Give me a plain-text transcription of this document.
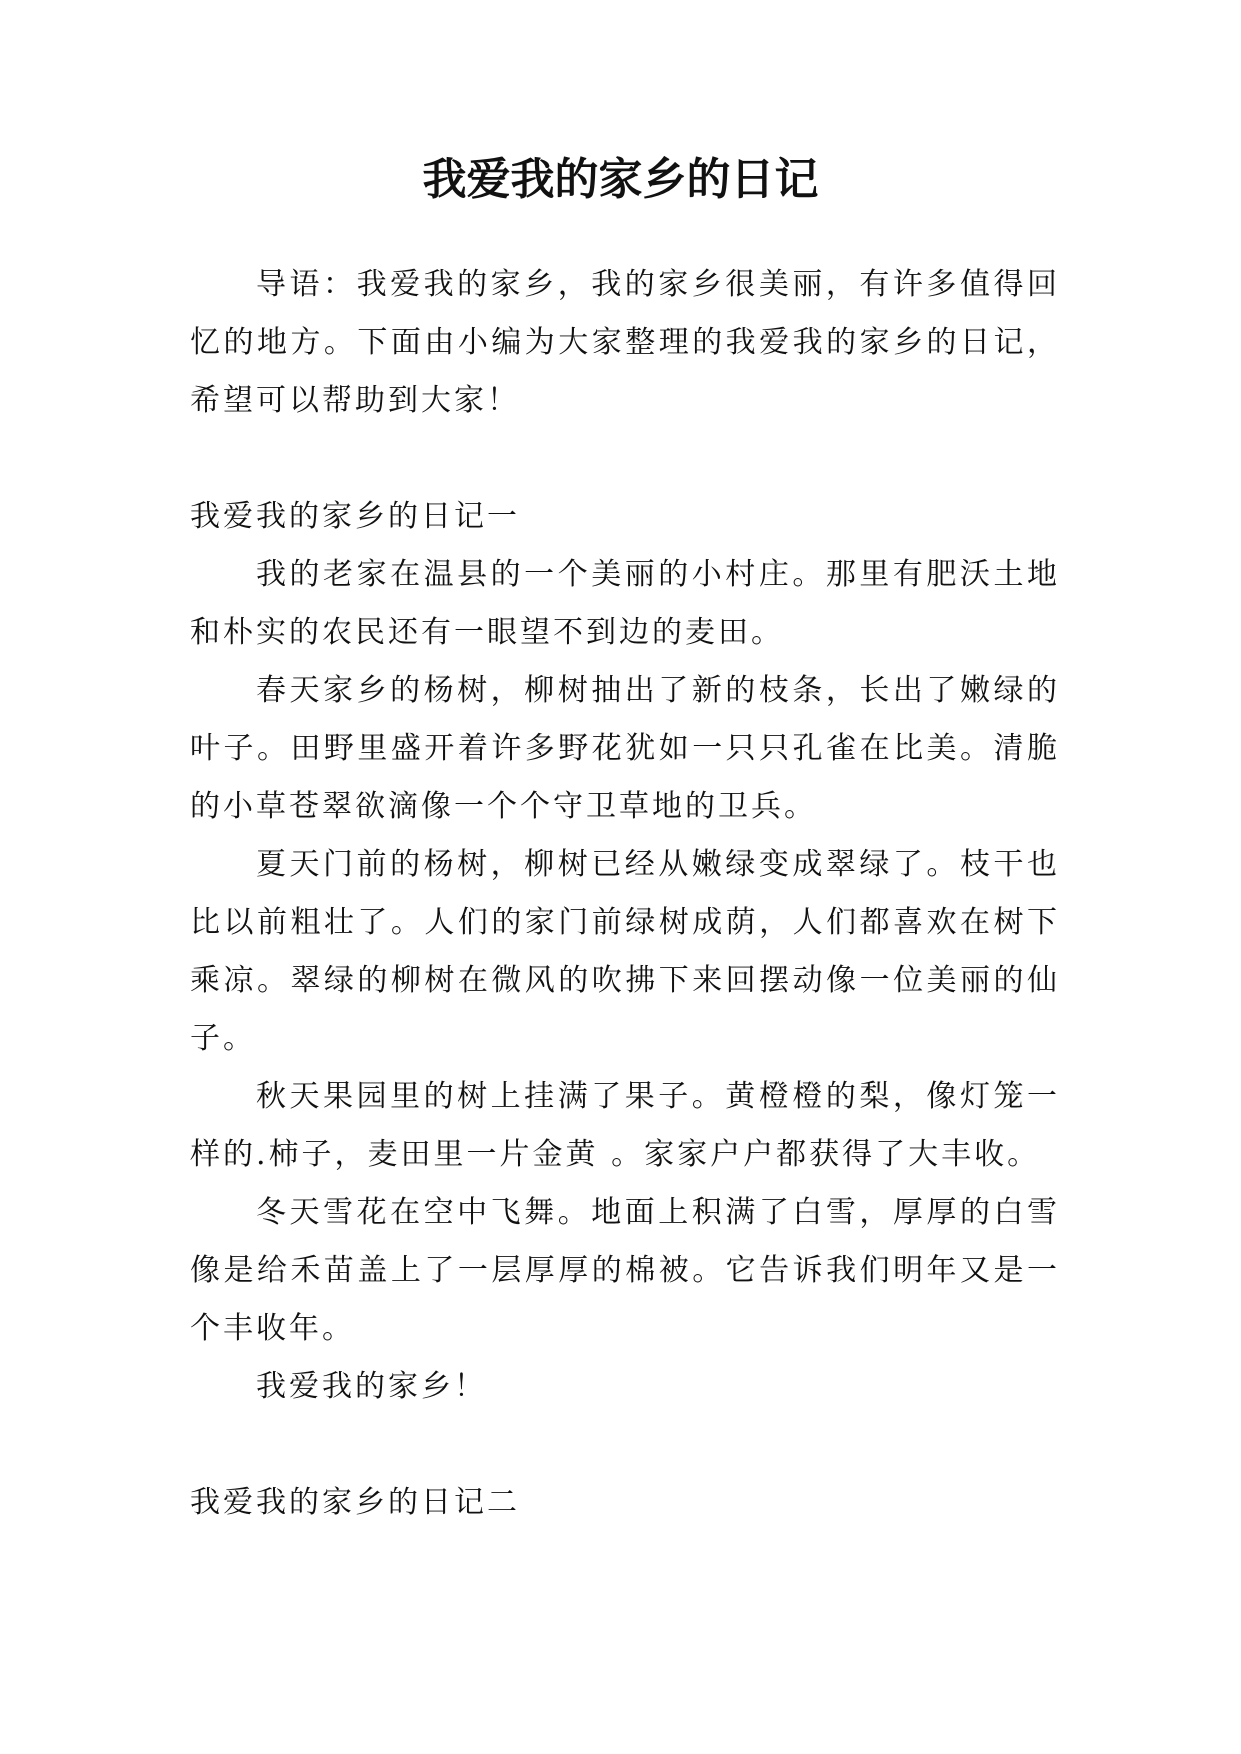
我爱我的家乡的日记

导语：我爱我的家乡，我的家乡很美丽，有许多值得回忆的地方。下面由小编为大家整理的我爱我的家乡的日记，希望可以帮助到大家！

我爱我的家乡的日记一

我的老家在温县的一个美丽的小村庄。那里有肥沃土地和朴实的农民还有一眼望不到边的麦田。

春天家乡的杨树，柳树抽出了新的枝条，长出了嫩绿的叶子。田野里盛开着许多野花犹如一只只孔雀在比美。清脆的小草苍翠欲滴像一个个守卫草地的卫兵。

夏天门前的杨树，柳树已经从嫩绿变成翠绿了。枝干也比以前粗壮了。人们的家门前绿树成荫，人们都喜欢在树下乘凉。翠绿的柳树在微风的吹拂下来回摆动像一位美丽的仙子。

秋天果园里的树上挂满了果子。黄橙橙的梨，像灯笼一样的.柿子，麦田里一片金黄 。家家户户都获得了大丰收。

冬天雪花在空中飞舞。地面上积满了白雪，厚厚的白雪像是给禾苗盖上了一层厚厚的棉被。它告诉我们明年又是一个丰收年。

我爱我的家乡！

我爱我的家乡的日记二
